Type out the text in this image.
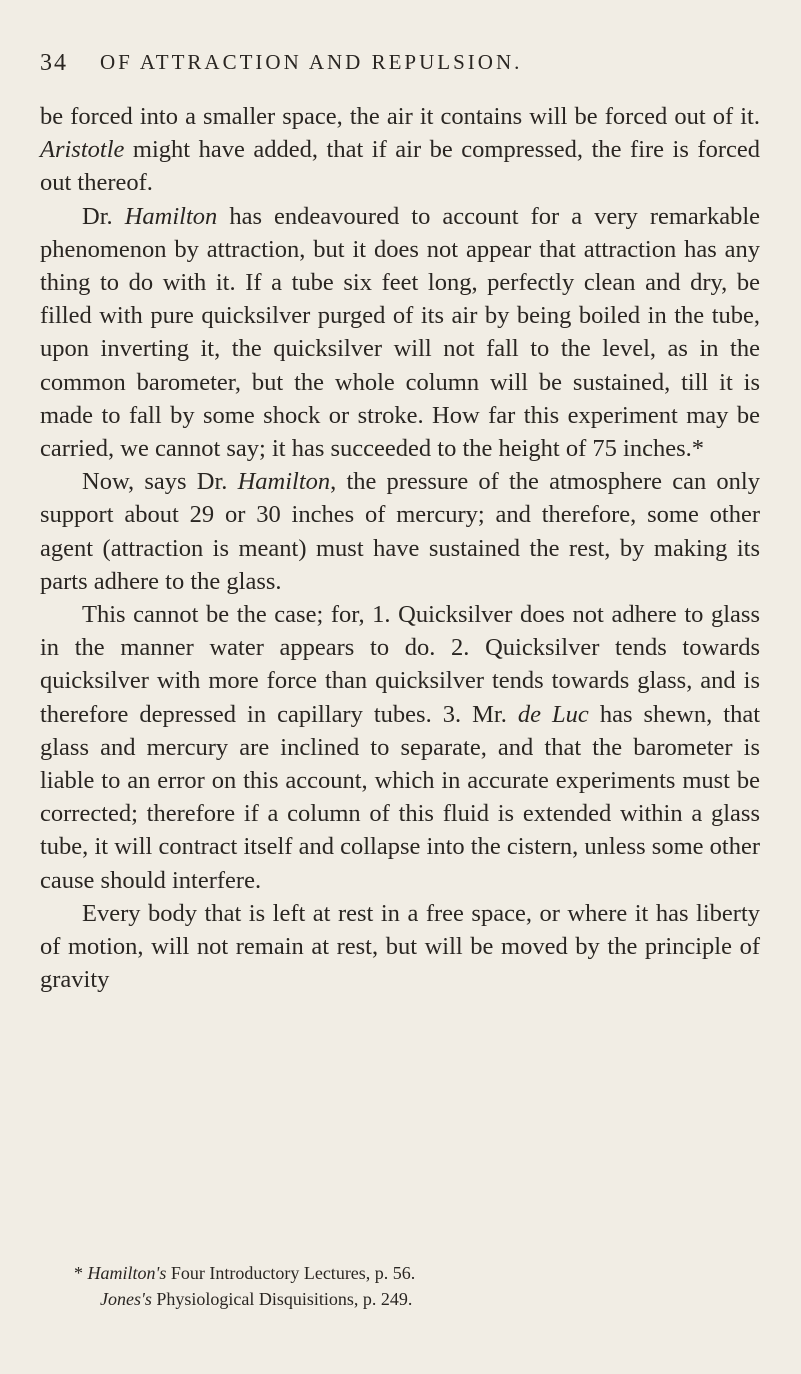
34 OF ATTRACTION AND REPULSION.

be forced into a smaller space, the air it contains will be forced out of it. Aristotle might have added, that if air be compressed, the fire is forced out thereof.

Dr. Hamilton has endeavoured to account for a very remarkable phenomenon by attraction, but it does not appear that attraction has any thing to do with it. If a tube six feet long, perfectly clean and dry, be filled with pure quicksilver purged of its air by being boiled in the tube, upon inverting it, the quicksilver will not fall to the level, as in the common barometer, but the whole column will be sustained, till it is made to fall by some shock or stroke. How far this experiment may be carried, we cannot say; it has succeeded to the height of 75 inches.*

Now, says Dr. Hamilton, the pressure of the atmosphere can only support about 29 or 30 inches of mercury; and therefore, some other agent (attraction is meant) must have sustained the rest, by making its parts adhere to the glass.

This cannot be the case; for, 1. Quicksilver does not adhere to glass in the manner water appears to do. 2. Quicksilver tends towards quicksilver with more force than quicksilver tends towards glass, and is therefore depressed in capillary tubes. 3. Mr. de Luc has shewn, that glass and mercury are inclined to separate, and that the barometer is liable to an error on this account, which in accurate experiments must be corrected; therefore if a column of this fluid is extended within a glass tube, it will contract itself and collapse into the cistern, unless some other cause should interfere.

Every body that is left at rest in a free space, or where it has liberty of motion, will not remain at rest, but will be moved by the principle of gravity

* Hamilton's Four Introductory Lectures, p. 56.

Jones's Physiological Disquisitions, p. 249.
